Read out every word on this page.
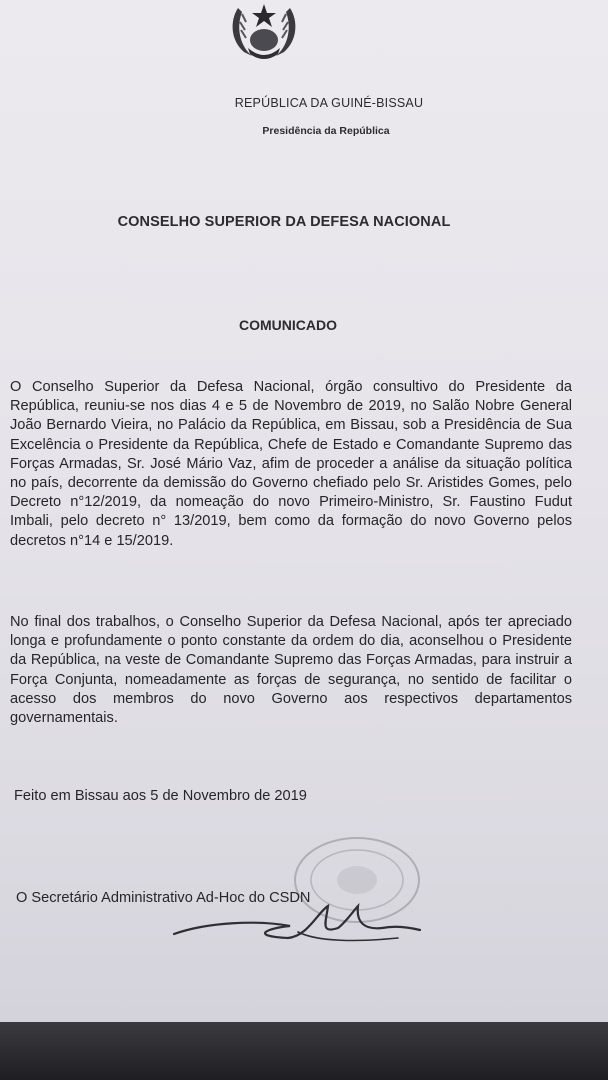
REPÚBLICA DA GUINÉ-BISSAU
Presidência da República
CONSELHO SUPERIOR DA DEFESA NACIONAL
COMUNICADO
O Conselho Superior da Defesa Nacional, órgão consultivo do Presidente da República, reuniu-se nos dias 4 e 5 de Novembro de 2019, no Salão Nobre General João Bernardo Vieira, no Palácio da República, em Bissau, sob a Presidência de Sua Excelência o Presidente da República, Chefe de Estado e Comandante Supremo das Forças Armadas, Sr. José Mário Vaz, afim de proceder a análise da situação política no país, decorrente da demissão do Governo chefiado pelo Sr. Aristides Gomes, pelo Decreto n°12/2019, da nomeação do novo Primeiro-Ministro, Sr. Faustino Fudut Imbali, pelo decreto n° 13/2019, bem como da formação do novo Governo pelos decretos n°14 e 15/2019.
No final dos trabalhos, o Conselho Superior da Defesa Nacional, após ter apreciado longa e profundamente o ponto constante da ordem do dia, aconselhou o Presidente da República, na veste de Comandante Supremo das Forças Armadas, para instruir a Força Conjunta, nomeadamente as forças de segurança, no sentido de facilitar o acesso dos membros do novo Governo aos respectivos departamentos governamentais.
Feito em Bissau aos 5 de Novembro de 2019
O Secretário Administrativo Ad-Hoc do CSDN
